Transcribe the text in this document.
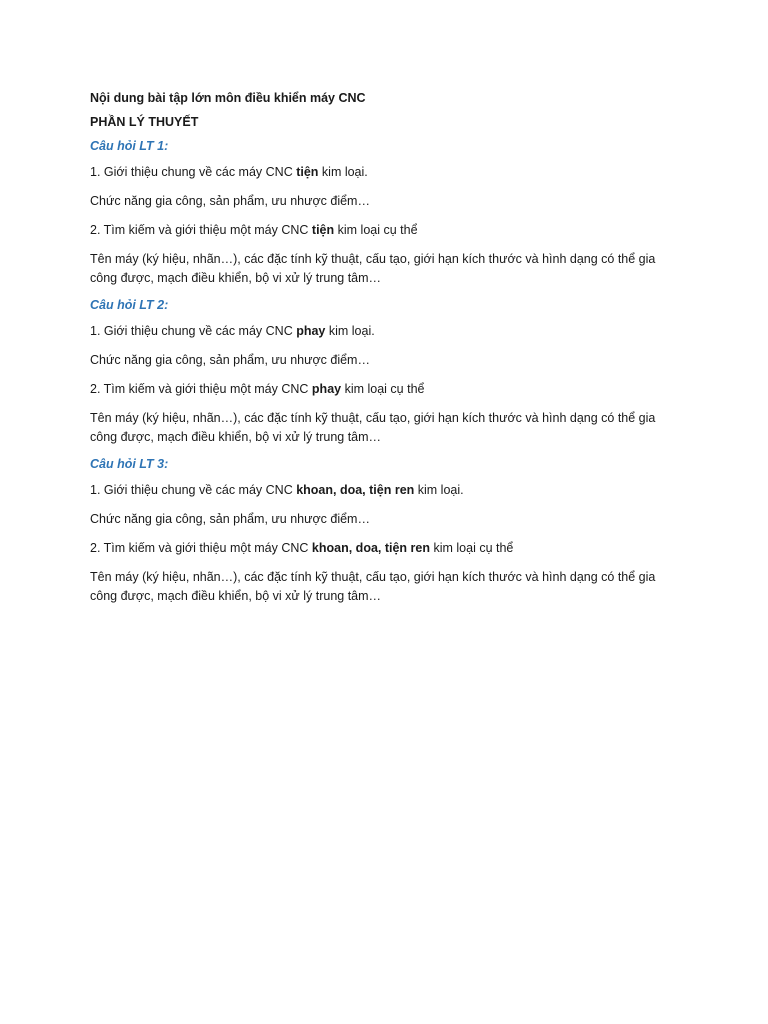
Nội dung bài tập lớn môn điều khiển máy CNC
PHẦN LÝ THUYẾT
Câu hỏi LT 1:
1. Giới thiệu chung về các máy CNC tiện kim loại.
Chức năng gia công, sản phẩm, ưu nhược điểm…
2. Tìm kiếm và giới thiệu một máy CNC tiện kim loại cụ thể
Tên máy (ký hiệu, nhãn…), các đặc tính kỹ thuật, cấu tạo, giới hạn kích thước và hình dạng có thể gia công được, mạch điều khiển, bộ vi xử lý trung tâm…
Câu hỏi LT 2:
1. Giới thiệu chung về các máy CNC phay kim loại.
Chức năng gia công, sản phẩm, ưu nhược điểm…
2. Tìm kiếm và giới thiệu một máy CNC phay kim loại cụ thể
Tên máy (ký hiệu, nhãn…), các đặc tính kỹ thuật, cấu tạo, giới hạn kích thước và hình dạng có thể gia công được, mạch điều khiển, bộ vi xử lý trung tâm…
Câu hỏi LT 3:
1. Giới thiệu chung về các máy CNC khoan, doa, tiện ren kim loại.
Chức năng gia công, sản phẩm, ưu nhược điểm…
2. Tìm kiếm và giới thiệu một máy CNC khoan, doa, tiện ren kim loại cụ thể
Tên máy (ký hiệu, nhãn…), các đặc tính kỹ thuật, cấu tạo, giới hạn kích thước và hình dạng có thể gia công được, mạch điều khiển, bộ vi xử lý trung tâm…
